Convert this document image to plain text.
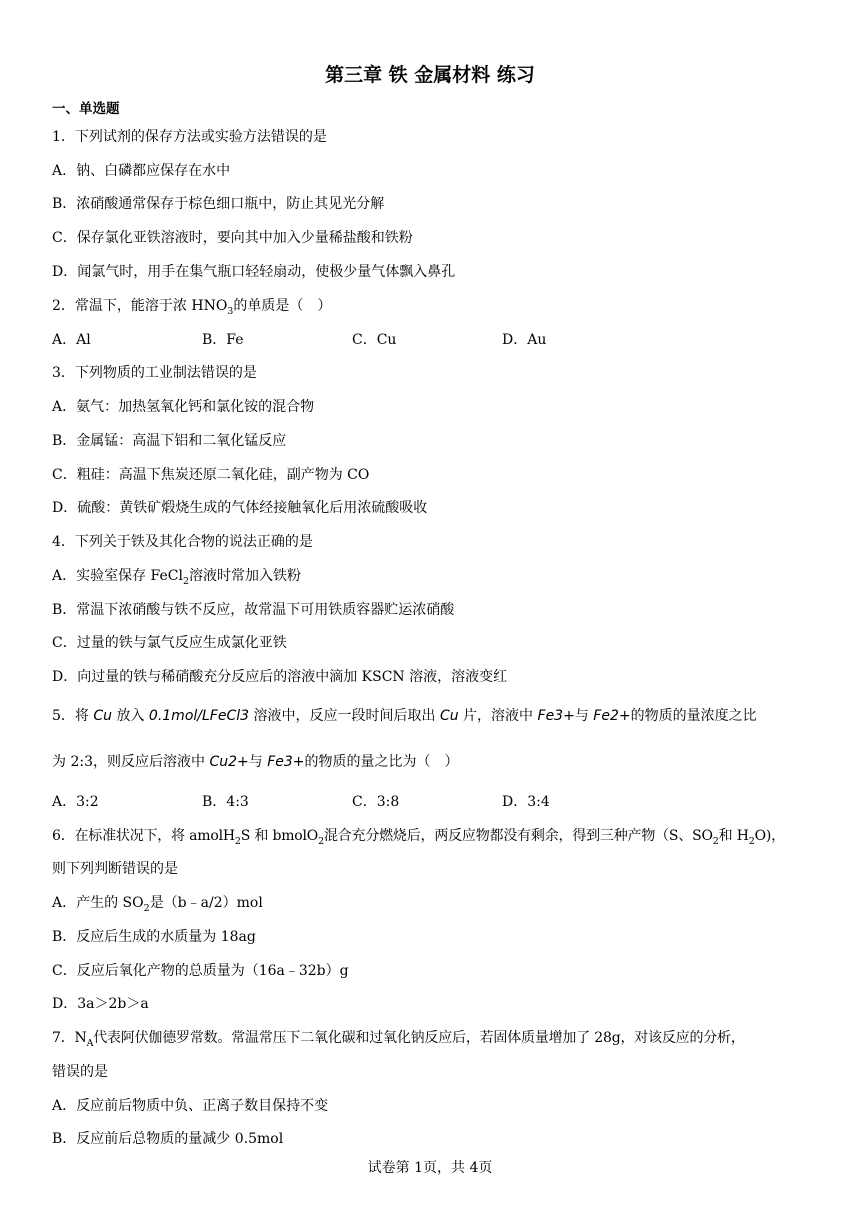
第三章 铁 金属材料 练习
一、单选题
1．下列试剂的保存方法或实验方法错误的是
A．钠、白磷都应保存在水中
B．浓硝酸通常保存于棕色细口瓶中，防止其见光分解
C．保存氯化亚铁溶液时，要向其中加入少量稀盐酸和铁粉
D．闻氯气时，用手在集气瓶口轻轻扇动，使极少量气体飘入鼻孔
2．常温下，能溶于浓 $HNO_3$的单质是（　）
A．Al	B．Fe	C．Cu	D．Au
3．下列物质的工业制法错误的是
A．氨气：加热氢氧化钙和氯化铵的混合物
B．金属锰：高温下铝和二氧化锰反应
C．粗硅：高温下焦炭还原二氧化硅，副产物为 CO
D．硫酸：黄铁矿煅烧生成的气体经接触氧化后用浓硫酸吸收
4．下列关于铁及其化合物的说法正确的是
A．实验室保存 FeCl$_2$溶液时常加入铁粉
B．常温下浓硝酸与铁不反应，故常温下可用铁质容器贮运浓硝酸
C．过量的铁与氯气反应生成氯化亚铁
D．向过量的铁与稀硝酸充分反应后的溶液中滴加 KSCN 溶液，溶液变红
5．将 Cu 放入 0.1mol/LFeCl3 溶液中，反应一段时间后取出 Cu 片，溶液中 Fe3+与 Fe2+的物质的量浓度之比
为 2:3，则反应后溶液中 Cu2+与 Fe3+的物质的量之比为（　）
A．3:2	B．4:3	C．3:8	D．3:4
6．在标准状况下，将 amolH$_2$S 和 bmolO$_2$混合充分燃烧后，两反应物都没有剩余，得到三种产物（S、$SO_2$和 $H_2O$)，
则下列判断错误的是
A．产生的 $SO_2$是（b﹣a/2）mol
B．反应后生成的水质量为 18ag
C．反应后氧化产物的总质量为（16a﹣32b）g
D．3a＞2b＞a
7．$N_A$代表阿伏伽德罗常数。常温常压下二氧化碳和过氧化钠反应后，若固体质量增加了 28g，对该反应的分析，
错误的是
A．反应前后物质中负、正离子数目保持不变
B．反应前后总物质的量减少 0.5mol
试卷第 1页，共 4页
